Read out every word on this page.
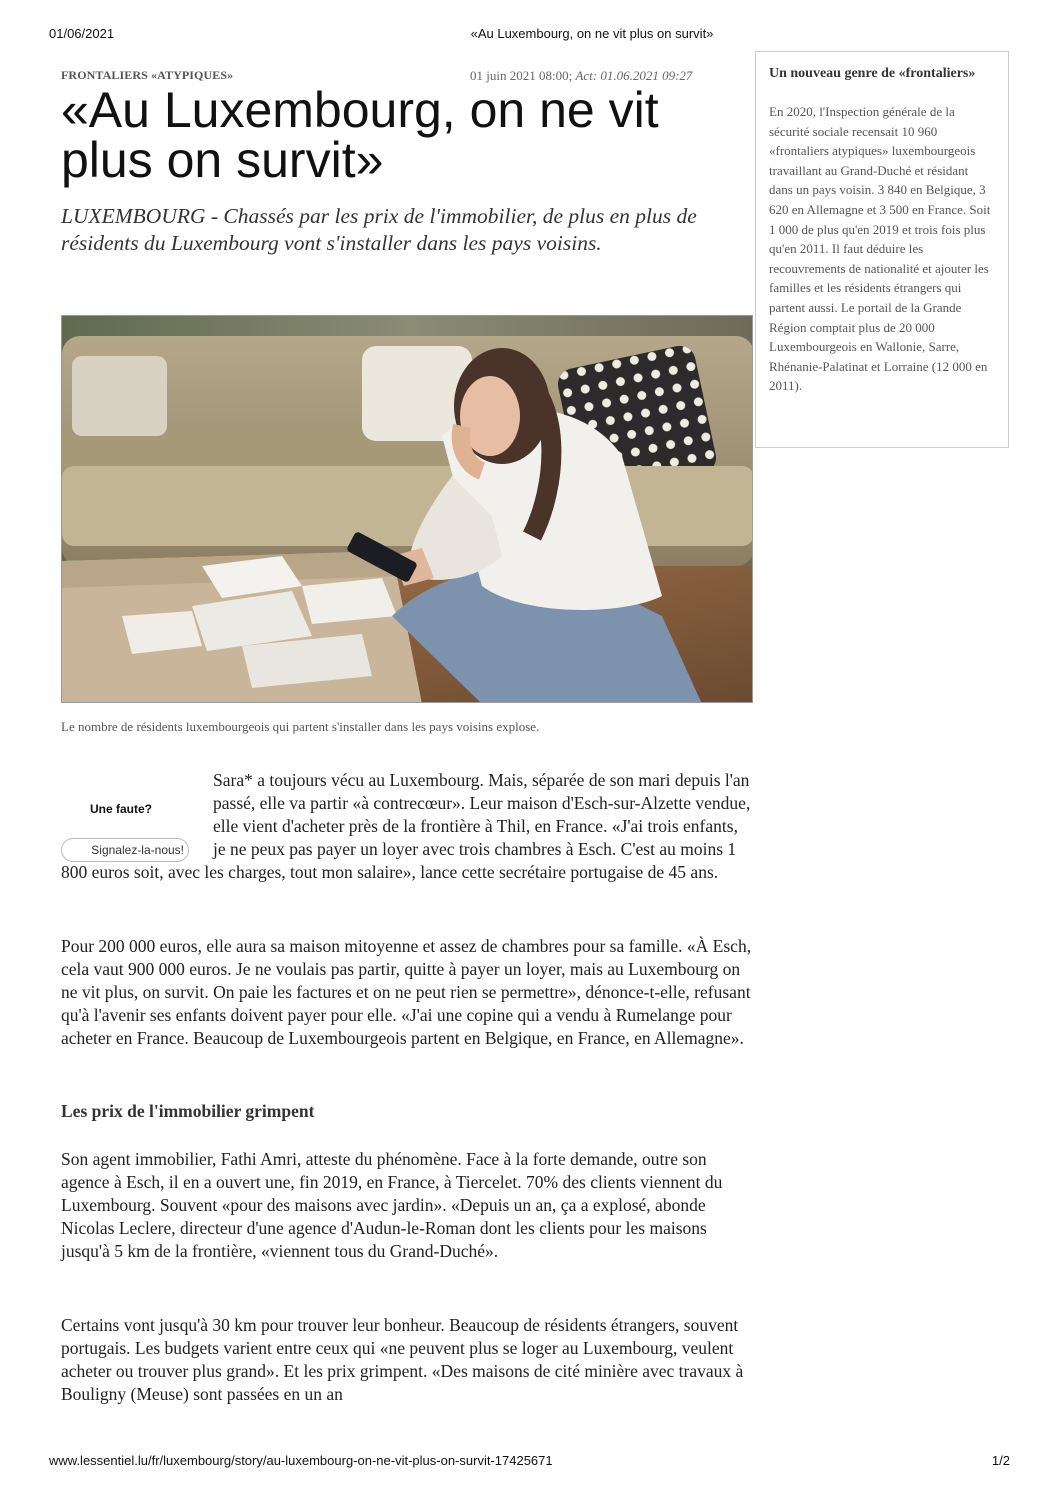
01/06/2021	«Au Luxembourg, on ne vit plus on survit»
FRONTALIERS «ATYPIQUES»	01 juin 2021 08:00; Act: 01.06.2021 09:27
«Au Luxembourg, on ne vit plus on survit»

LUXEMBOURG - Chassés par les prix de l'immobilier, de plus en plus de résidents du Luxembourg vont s'installer dans les pays voisins.

Le nombre de résidents luxembourgeois qui partent s'installer dans les pays voisins explose.
Un nouveau genre de «frontaliers»

En 2020, l'Inspection générale de la sécurité sociale recensait 10 960 «frontaliers atypiques» luxembourgeois travaillant au Grand-Duché et résidant dans un pays voisin. 3 840 en Belgique, 3 620 en Allemagne et 3 500 en France. Soit 1 000 de plus qu'en 2019 et trois fois plus qu'en 2011. Il faut déduire les recouvrements de nationalité et ajouter les familles et les résidents étrangers qui partent aussi. Le portail de la Grande Région comptait plus de 20 000 Luxembourgeois en Wallonie, Sarre, Rhénanie-Palatinat et Lorraine (12 000 en 2011).

Une faute?
Signalez-la-nous!

Sara* a toujours vécu au Luxembourg. Mais, séparée de son mari depuis l'an passé, elle va partir «à contrecœur». Leur maison d'Esch-sur-Alzette vendue, elle vient d'acheter près de la frontière à Thil, en France. «J'ai trois enfants, je ne peux pas payer un loyer avec trois chambres à Esch. C'est au moins 1 800 euros soit, avec les charges, tout mon salaire», lance cette secrétaire portugaise de 45 ans.

Pour 200 000 euros, elle aura sa maison mitoyenne et assez de chambres pour sa famille. «À Esch, cela vaut 900 000 euros. Je ne voulais pas partir, quitte à payer un loyer, mais au Luxembourg on ne vit plus, on survit. On paie les factures et on ne peut rien se permettre», dénonce-t-elle, refusant qu'à l'avenir ses enfants doivent payer pour elle. «J'ai une copine qui a vendu à Rumelange pour acheter en France. Beaucoup de Luxembourgeois partent en Belgique, en France, en Allemagne».

Les prix de l'immobilier grimpent

Son agent immobilier, Fathi Amri, atteste du phénomène. Face à la forte demande, outre son agence à Esch, il en a ouvert une, fin 2019, en France, à Tiercelet. 70% des clients viennent du Luxembourg. Souvent «pour des maisons avec jardin». «Depuis un an, ça a explosé, abonde Nicolas Leclere, directeur d'une agence d'Audun-le-Roman dont les clients pour les maisons jusqu'à 5 km de la frontière, «viennent tous du Grand-Duché».

Certains vont jusqu'à 30 km pour trouver leur bonheur. Beaucoup de résidents étrangers, souvent portugais. Les budgets varient entre ceux qui «ne peuvent plus se loger au Luxembourg, veulent acheter ou trouver plus grand». Et les prix grimpent. «Des maisons de cité minière avec travaux à Bouligny (Meuse) sont passées en un an

www.lessentiel.lu/fr/luxembourg/story/au-luxembourg-on-ne-vit-plus-on-survit-17425671	1/2
